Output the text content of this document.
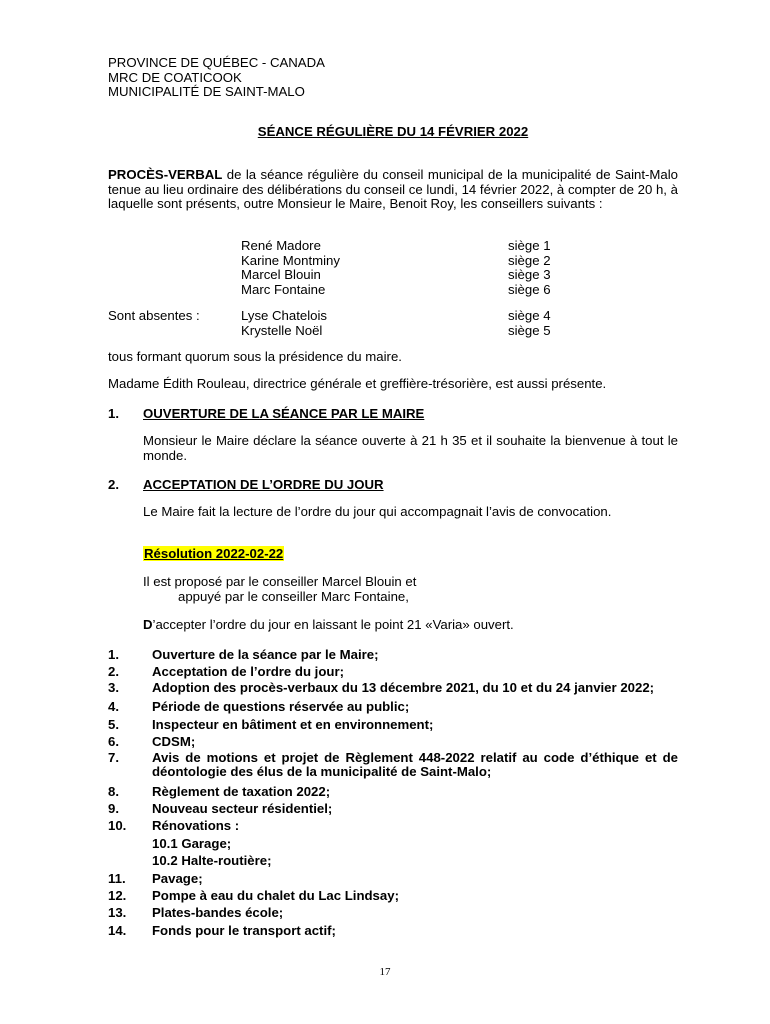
PROVINCE DE QUÉBEC - CANADA
MRC DE COATICOOK
MUNICIPALITÉ DE SAINT-MALO
SÉANCE RÉGULIÈRE DU 14 FÉVRIER 2022
PROCÈS-VERBAL de la séance régulière du conseil municipal de la municipalité de Saint-Malo tenue au lieu ordinaire des délibérations du conseil ce lundi, 14 février 2022, à compter de 20 h, à laquelle sont présents, outre Monsieur le Maire, Benoit Roy, les conseillers suivants :
René Madore	siège 1
Karine Montminy	siège 2
Marcel Blouin	siège 3
Marc Fontaine	siège 6
Sont absentes :	Lyse Chatelois	siège 4
Krystelle Noël	siège 5
tous formant quorum sous la présidence du maire.
Madame Édith Rouleau, directrice générale et greffière-trésorière, est aussi présente.
1. OUVERTURE DE LA SÉANCE PAR LE MAIRE
Monsieur le Maire déclare la séance ouverte à 21 h 35 et il souhaite la bienvenue à tout le monde.
2. ACCEPTATION DE L’ORDRE DU JOUR
Le Maire fait la lecture de l’ordre du jour qui accompagnait l’avis de convocation.
Résolution 2022-02-22
Il est proposé par le conseiller Marcel Blouin et
appuyé par le conseiller Marc Fontaine,
D’accepter l’ordre du jour en laissant le point 21 «Varia» ouvert.
1.	Ouverture de la séance par le Maire;
2.	Acceptation de l’ordre du jour;
3.	Adoption des procès-verbaux du 13 décembre 2021, du 10 et du 24 janvier 2022;
4.	Période de questions réservée au public;
5.	Inspecteur en bâtiment et en environnement;
6.	CDSM;
7.	Avis de motions et projet de Règlement 448-2022 relatif au code d’éthique et de déontologie des élus de la municipalité de Saint-Malo;
8.	Règlement de taxation 2022;
9.	Nouveau secteur résidentiel;
10.	Rénovations :
10.1 Garage;
10.2 Halte-routière;
11.	Pavage;
12.	Pompe à eau du chalet du Lac Lindsay;
13.	Plates-bandes école;
14.	Fonds pour le transport actif;
17
